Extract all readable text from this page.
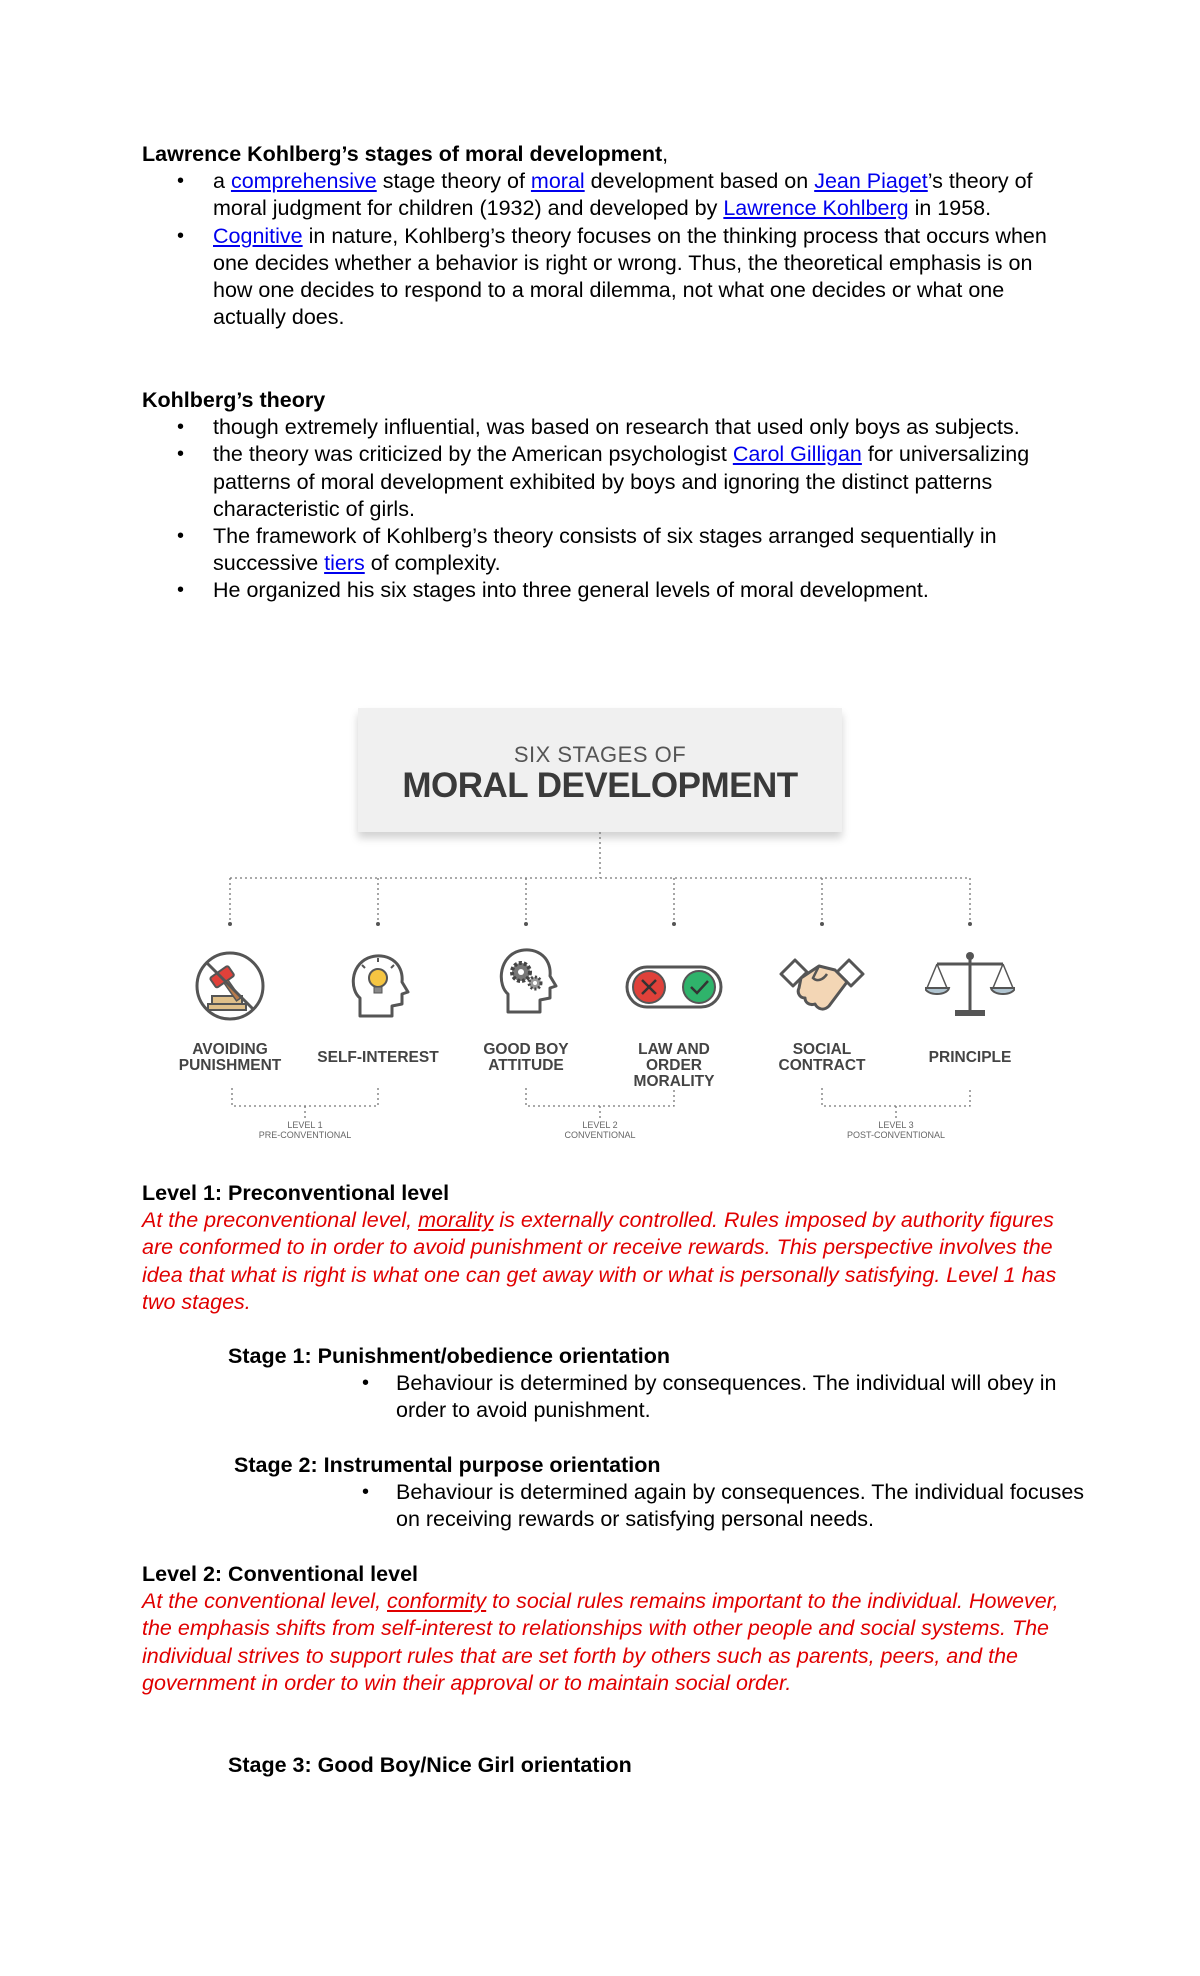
Lawrence Kohlberg’s stages of moral development,
• a comprehensive stage theory of moral development based on Jean Piaget’s theory of moral judgment for children (1932) and developed by Lawrence Kohlberg in 1958.
• Cognitive in nature, Kohlberg’s theory focuses on the thinking process that occurs when one decides whether a behavior is right or wrong. Thus, the theoretical emphasis is on how one decides to respond to a moral dilemma, not what one decides or what one actually does.
Kohlberg’s theory
• though extremely influential, was based on research that used only boys as subjects.
• the theory was criticized by the American psychologist Carol Gilligan for universalizing patterns of moral development exhibited by boys and ignoring the distinct patterns characteristic of girls.
• The framework of Kohlberg’s theory consists of six stages arranged sequentially in successive tiers of complexity.
• He organized his six stages into three general levels of moral development.
SIX STAGES OF
MORAL DEVELOPMENT
AVOIDING
PUNISHMENT	SELF-INTEREST	GOOD BOY
ATTITUDE
LAW AND
ORDER MORALITY
SOCIAL
CONTRACT	PRINCIPLE
LEVEL 1
PRE-CONVENTIONAL
LEVEL 2
CONVENTIONAL
LEVEL 3
POST-CONVENTIONAL
Level 1: Preconventional level
At the preconventional level, morality is externally controlled. Rules imposed by authority figures are conformed to in order to avoid punishment or receive rewards. This perspective involves the idea that what is right is what one can get away with or what is personally satisfying. Level 1 has two stages.
Stage 1: Punishment/obedience orientation
• Behaviour is determined by consequences. The individual will obey in order to avoid punishment.
Stage 2: Instrumental purpose orientation
• Behaviour is determined again by consequences. The individual focuses on receiving rewards or satisfying personal needs.
Level 2: Conventional level
At the conventional level, conformity to social rules remains important to the individual. However, the emphasis shifts from self-interest to relationships with other people and social systems. The individual strives to support rules that are set forth by others such as parents, peers, and the government in order to win their approval or to maintain social order.
Stage 3: Good Boy/Nice Girl orientation
